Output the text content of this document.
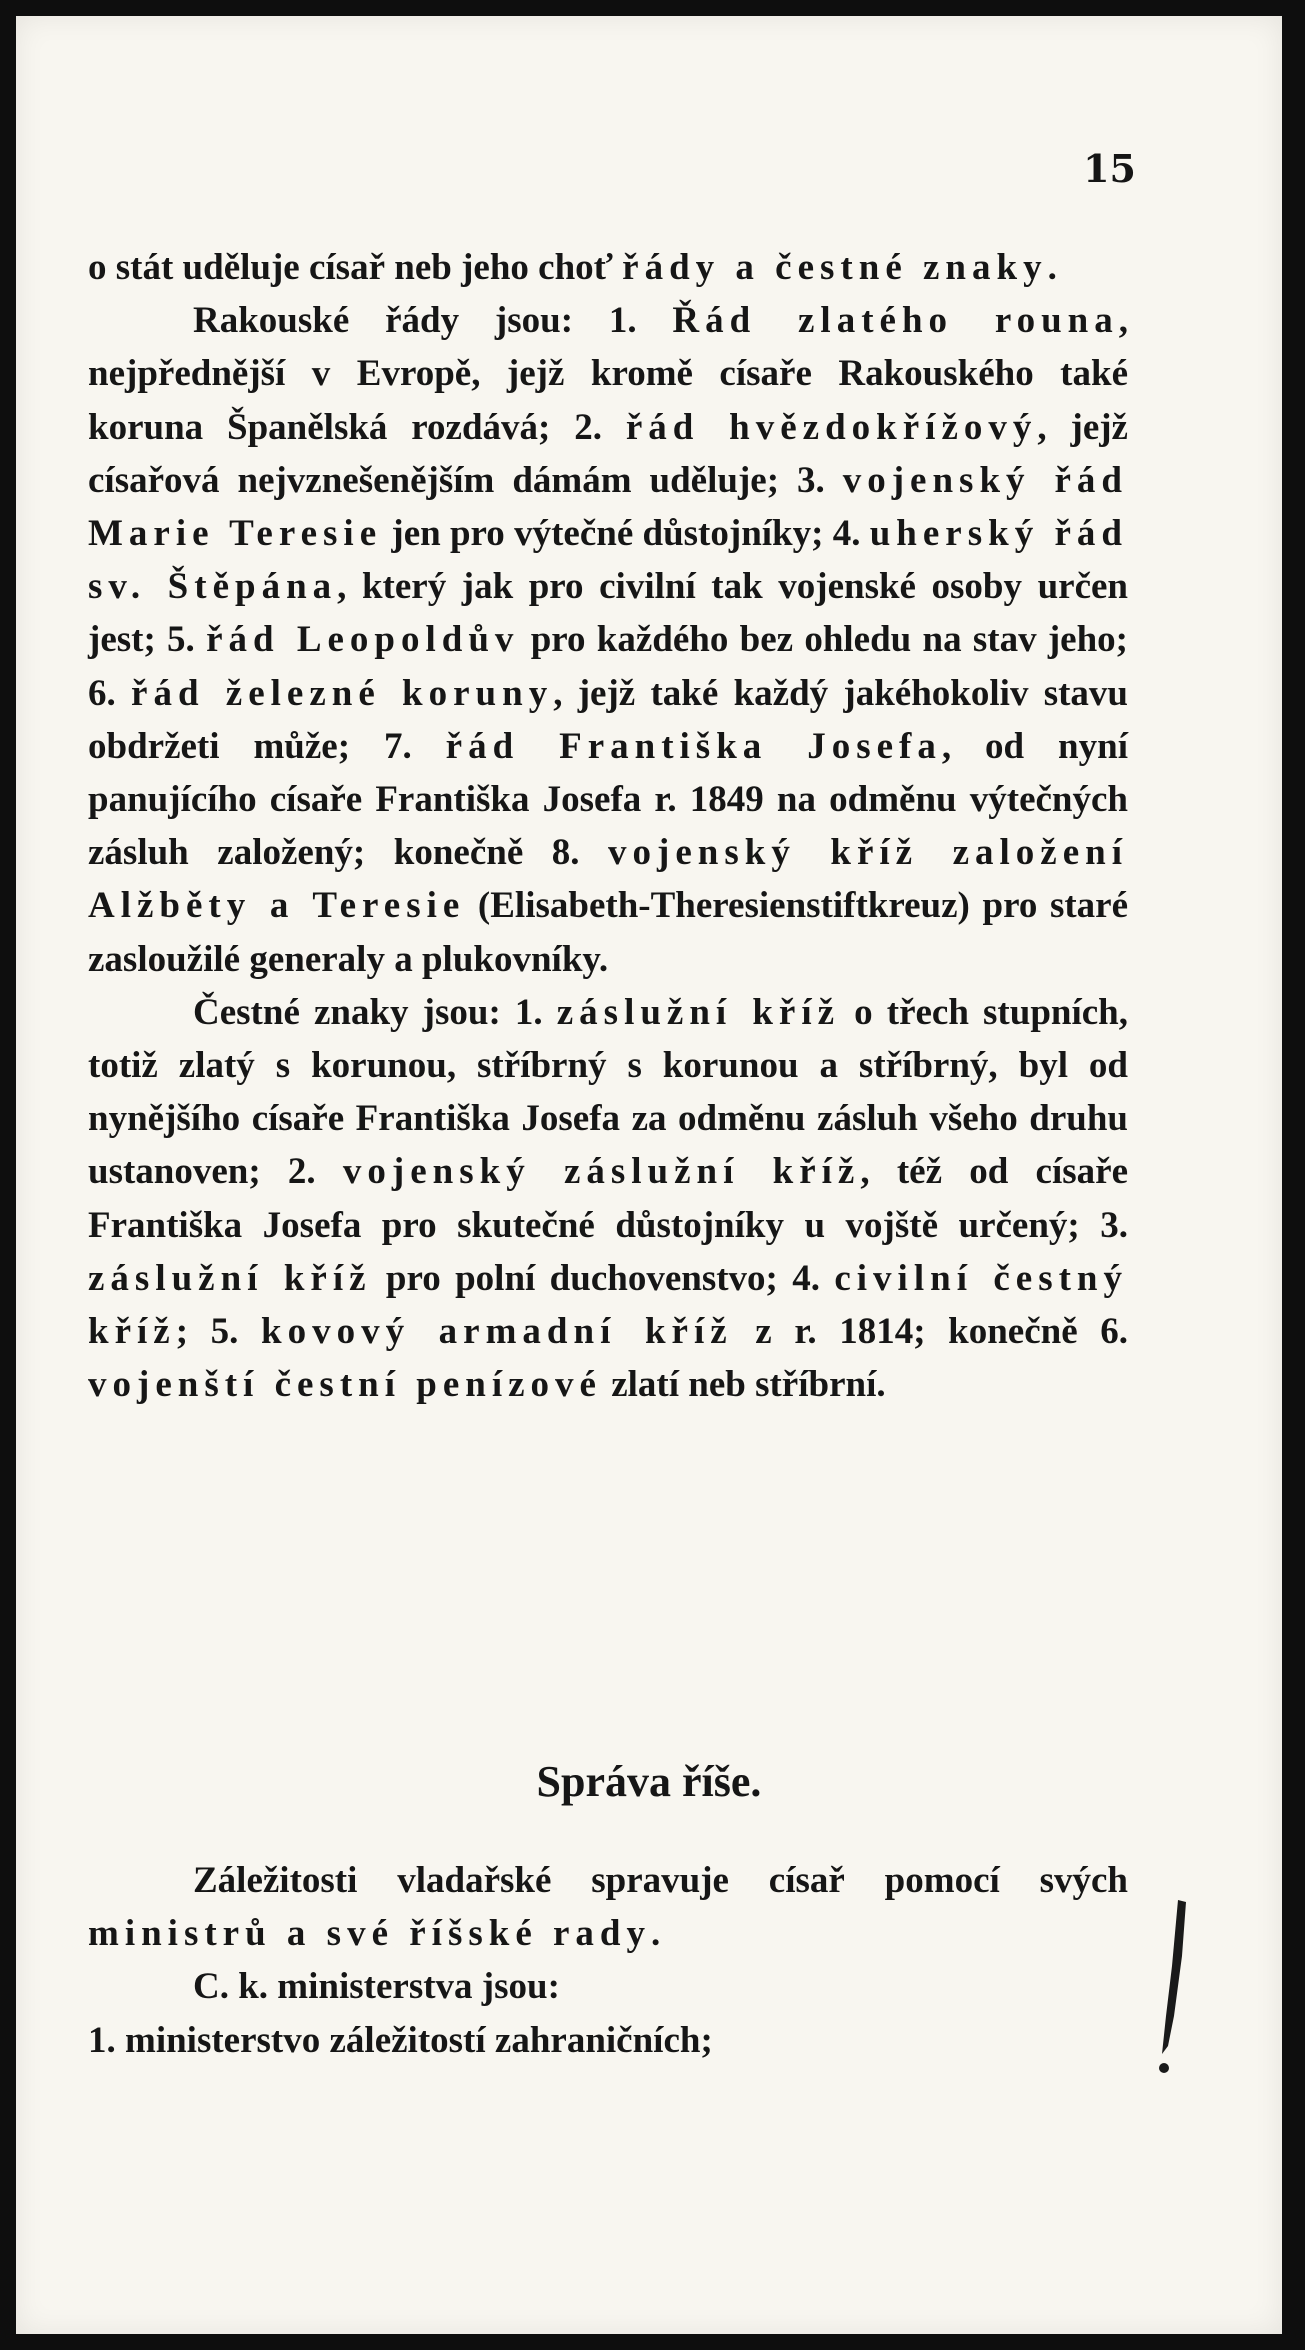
15

o stát uděluje císař neb jeho choť řády a čestné znaky.

Rakouské řády jsou: 1. Řád zlatého rouna, nejpřednější v Evropě, jejž kromě císaře Rakouského také koruna Španělská rozdává; 2. řád hvězdokřížový, jejž císařová nejvznešenějším dámám uděluje; 3. vojenský řád Marie Teresie jen pro výtečné důstojníky; 4. uherský řád sv. Štěpána, který jak pro civilní tak vojenské osoby určen jest; 5. řád Leopoldův pro každého bez ohledu na stav jeho; 6. řád železné koruny, jejž také každý jakéhokoliv stavu obdržeti může; 7. řád Františka Josefa, od nyní panujícího císaře Františka Josefa r. 1849 na odměnu výtečných zásluh založený; konečně 8. vojenský kříž založení Alžběty a Teresie (Elisabeth-Theresienstiftkreuz) pro staré zasloužilé generaly a plukovníky.

Čestné znaky jsou: 1. záslužní kříž o třech stupních, totiž zlatý s korunou, stříbrný s korunou a stříbrný, byl od nynějšího císaře Františka Josefa za odměnu zásluh všeho druhu ustanoven; 2. vojenský záslužní kříž, též od císaře Františka Josefa pro skutečné důstojníky u vojště určený; 3. záslužní kříž pro polní duchovenstvo; 4. civilní čestný kříž; 5. kovový armadní kříž z r. 1814; konečně 6. vojenští čestní penízové zlatí neb stříbrní.

Správa říše.

Záležitosti vladařské spravuje císař pomocí svých ministrů a své říšské rady.

C. k. ministerstva jsou:

1. ministerstvo záležitostí zahraničních;
